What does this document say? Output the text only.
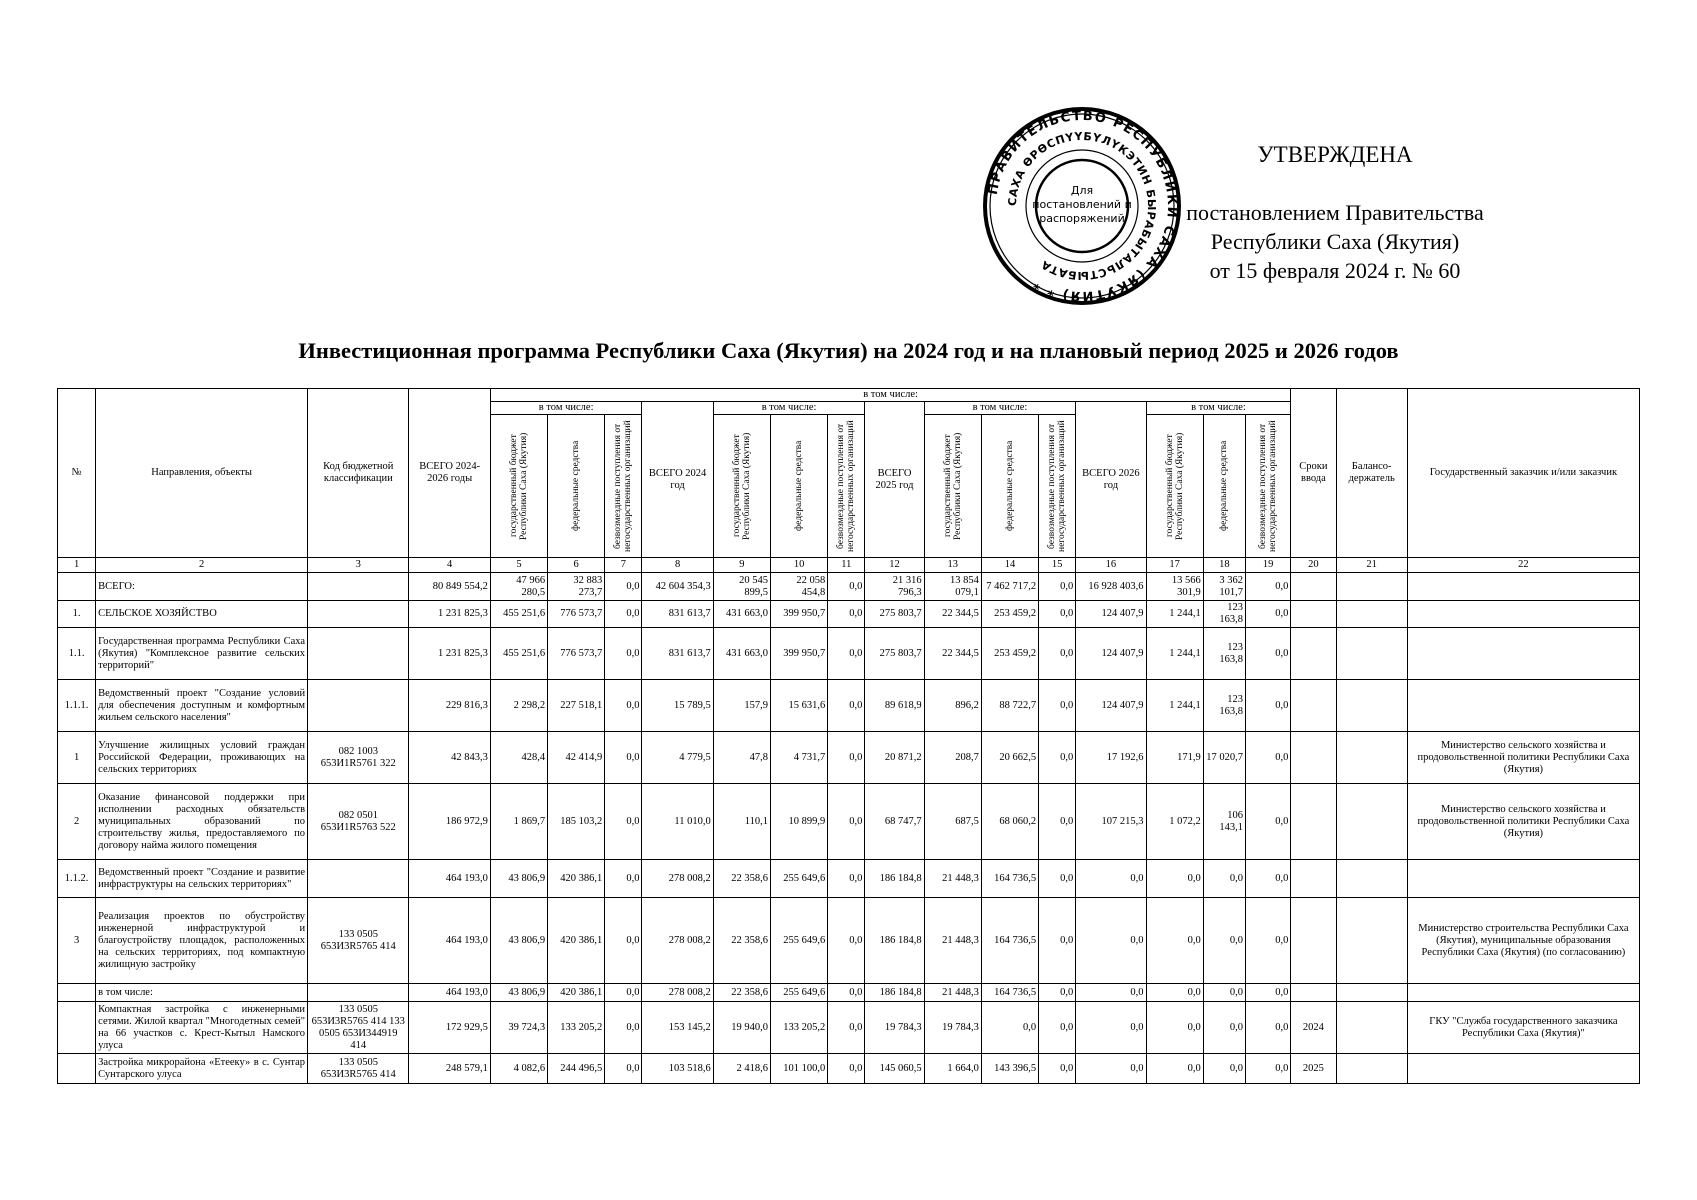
УТВЕРЖДЕНА
постановлением Правительства
Республики Саха (Якутия)
от 15 февраля 2024 г. № 60
ПРАВИТЕЛЬСТВО РЕСПУБЛИКИ САХА (ЯКУТИЯ) * *
САХА ӨРӨСПҮҮБҮЛҮКЭТИН БЫРАБЫТАЛЬСТЫБАТА
Для
постановлений и
распоряжений
Инвестиционная программа Республики Саха (Якутия) на 2024 год и на плановый период 2025 и 2026 годов
№	Направления, объекты	Код бюджетной классификации	ВСЕГО 2024-2026 годы	в том числе:															Сроки ввода	Балансо-держатель	Государственный заказчик и/или заказчик
				в том числе:			ВСЕГО 2024 год	в том числе:			ВСЕГО 2025 год	в том числе:			ВСЕГО 2026 год	в том числе:					

				государственный бюджет Республики Саха (Якутия)	федеральные средства	безвозмездные поступления от негосударственных организаций		государственный бюджет Республики Саха (Якутия)	федеральные средства	безвозмездные поступления от негосударственных организаций		государственный бюджет Республики Саха (Якутия)	федеральные средства	безвозмездные поступления от негосударственных организаций		государственный бюджет Республики Саха (Якутия)	федеральные средства	безвозмездные поступления от негосударственных организаций			

1	2	3	4	5	6	7	8	9	10	11	12	13	14	15	16	17	18	19	20	21	22
	ВСЕГО:		80 849 554,2	47 966 280,5	32 883 273,7	0,0	42 604 354,3	20 545 899,5	22 058 454,8	0,0	21 316 796,3	13 854 079,1	7 462 717,2	0,0	16 928 403,6	13 566 301,9	3 362 101,7	0,0			
1.	СЕЛЬСКОЕ ХОЗЯЙСТВО		1 231 825,3	455 251,6	776 573,7	0,0	831 613,7	431 663,0	399 950,7	0,0	275 803,7	22 344,5	253 459,2	0,0	124 407,9	1 244,1	123 163,8	0,0			
1.1.	Государственная программа Республики Саха (Якутия) "Комплексное развитие сельских территорий"		1 231 825,3	455 251,6	776 573,7	0,0	831 613,7	431 663,0	399 950,7	0,0	275 803,7	22 344,5	253 459,2	0,0	124 407,9	1 244,1	123 163,8	0,0			
1.1.1.	Ведомственный проект "Создание условий для обеспечения доступным и комфортным жильем сельского населения"		229 816,3	2 298,2	227 518,1	0,0	15 789,5	157,9	15 631,6	0,0	89 618,9	896,2	88 722,7	0,0	124 407,9	1 244,1	123 163,8	0,0			
1	Улучшение жилищных условий граждан Российской Федерации, проживающих на сельских территориях	082 1003 653И1R5761 322	42 843,3	428,4	42 414,9	0,0	4 779,5	47,8	4 731,7	0,0	20 871,2	208,7	20 662,5	0,0	17 192,6	171,9	17 020,7	0,0			Министерство сельского хозяйства и продовольственной политики Республики Саха (Якутия)
2	Оказание финансовой поддержки при исполнении расходных обязательств муниципальных образований по строительству жилья, предоставляемого по договору найма жилого помещения	082 0501 653И1R5763 522	186 972,9	1 869,7	185 103,2	0,0	11 010,0	110,1	10 899,9	0,0	68 747,7	687,5	68 060,2	0,0	107 215,3	1 072,2	106 143,1	0,0			Министерство сельского хозяйства и продовольственной политики Республики Саха (Якутия)
1.1.2.	Ведомственный проект "Создание и развитие инфраструктуры на сельских территориях"		464 193,0	43 806,9	420 386,1	0,0	278 008,2	22 358,6	255 649,6	0,0	186 184,8	21 448,3	164 736,5	0,0	0,0	0,0	0,0	0,0			
3	Реализация проектов по обустройству инженерной инфраструктурой и благоустройству площадок, расположенных на сельских территориях, под компактную жилищную застройку	133 0505 653И3R5765 414	464 193,0	43 806,9	420 386,1	0,0	278 008,2	22 358,6	255 649,6	0,0	186 184,8	21 448,3	164 736,5	0,0	0,0	0,0	0,0	0,0			Министерство строительства Республики Саха (Якутия), муниципальные образования Республики Саха (Якутия) (по согласованию)
	в том числе:		464 193,0	43 806,9	420 386,1	0,0	278 008,2	22 358,6	255 649,6	0,0	186 184,8	21 448,3	164 736,5	0,0	0,0	0,0	0,0	0,0			
	Компактная застройка с инженерными сетями. Жилой квартал "Многодетных семей" на 66 участков с. Крест-Кытыл Намского улуса	133 0505 653И3R5765 414 133 0505 653И344919 414	172 929,5	39 724,3	133 205,2	0,0	153 145,2	19 940,0	133 205,2	0,0	19 784,3	19 784,3	0,0	0,0	0,0	0,0	0,0	0,0	2024		ГКУ "Служба государственного заказчика Республики Саха (Якутия)"
	Застройка микрорайона «Етееку» в с. Сунтар Сунтарского улуса	133 0505 653И3R5765 414	248 579,1	4 082,6	244 496,5	0,0	103 518,6	2 418,6	101 100,0	0,0	145 060,5	1 664,0	143 396,5	0,0	0,0	0,0	0,0	0,0	2025		
